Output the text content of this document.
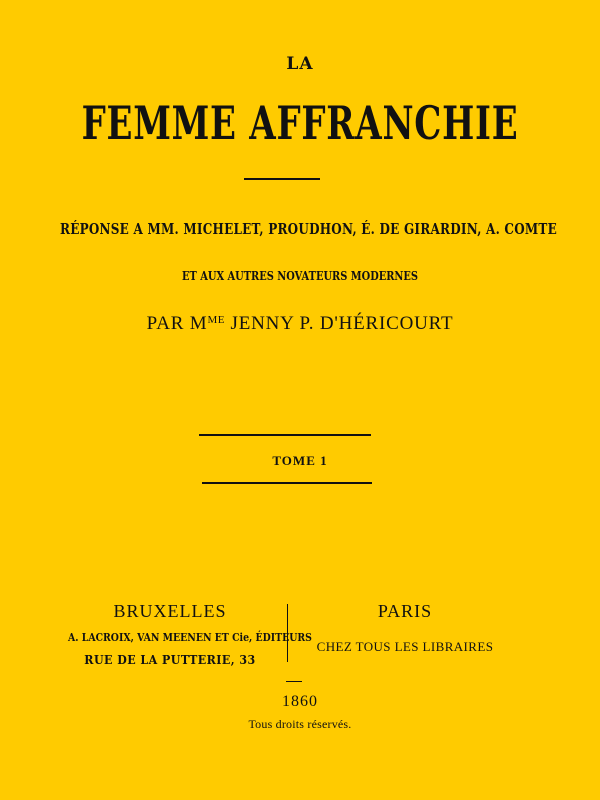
LA
FEMME AFFRANCHIE
RÉPONSE A MM. MICHELET, PROUDHON, É. DE GIRARDIN, A. COMTE
ET AUX AUTRES NOVATEURS MODERNES
PAR $M^{ME}$ JENNY P. D'HÉRICOURT
TOME 1
BRUXELLES
A. LACROIX, VAN MEENEN ET Cie, ÉDITEURS
RUE DE LA PUTTERIE, 33
PARIS
CHEZ TOUS LES LIBRAIRES
1860
Tous droits réservés.
